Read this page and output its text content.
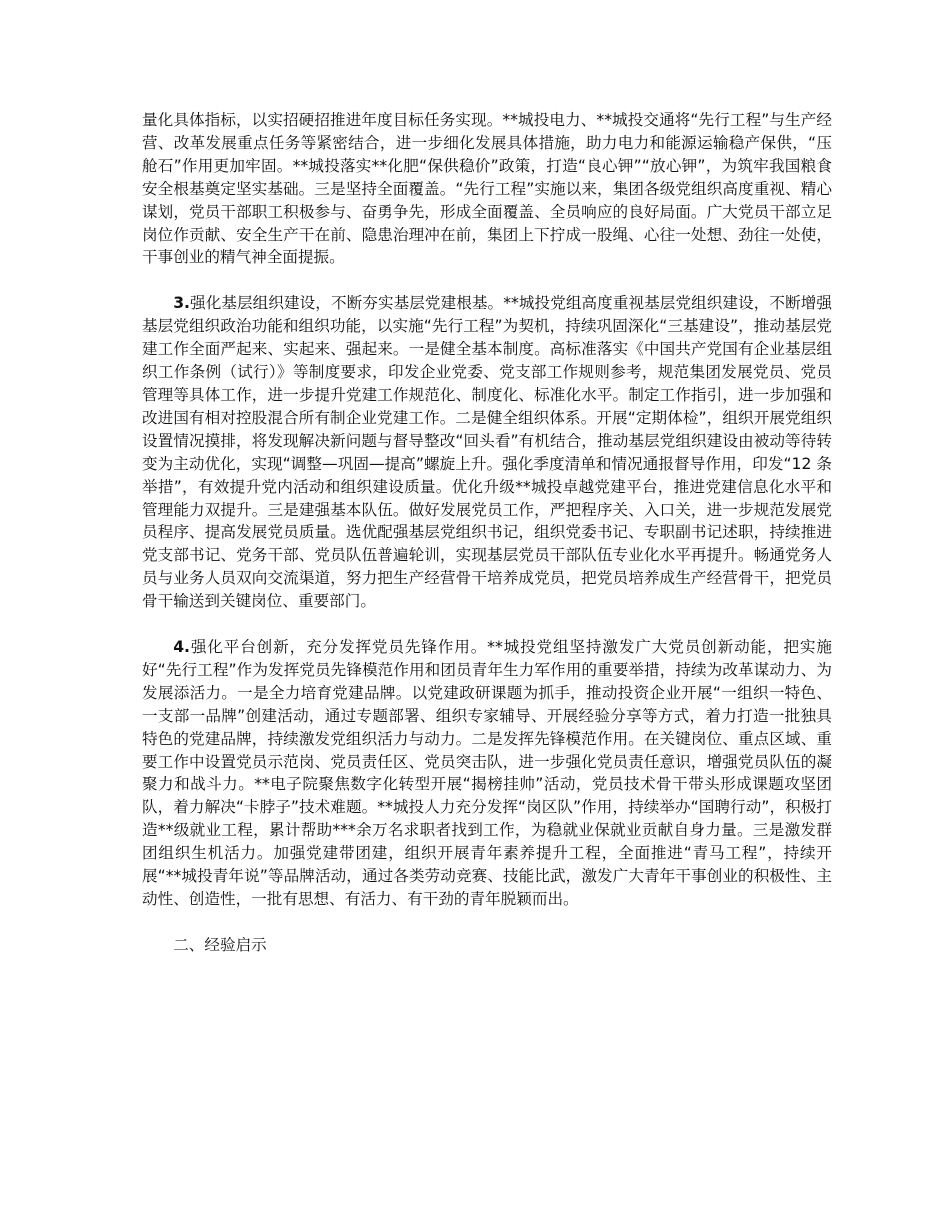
量化具体指标，以实招硬招推进年度目标任务实现。**城投电力、**城投交通将“先行工程”与生产经营、改革发展重点任务等紧密结合，进一步细化发展具体措施，助力电力和能源运输稳产保供，“压舱石”作用更加牢固。**城投落实**化肥“保供稳价”政策，打造“良心钾”“放心钾”，为筑牢我国粮食安全根基奠定坚实基础。三是坚持全面覆盖。“先行工程”实施以来，集团各级党组织高度重视、精心谋划，党员干部职工积极参与、奋勇争先，形成全面覆盖、全员响应的良好局面。广大党员干部立足岗位作贡献、安全生产干在前、隐患治理冲在前，集团上下拧成一股绳、心往一处想、劲往一处使，干事创业的精气神全面提振。

3.强化基层组织建设，不断夯实基层党建根基。**城投党组高度重视基层党组织建设，不断增强基层党组织政治功能和组织功能，以实施“先行工程”为契机，持续巩固深化“三基建设”，推动基层党建工作全面严起来、实起来、强起来。一是健全基本制度。高标准落实《中国共产党国有企业基层组织工作条例（试行）》等制度要求，印发企业党委、党支部工作规则参考，规范集团发展党员、党员管理等具体工作，进一步提升党建工作规范化、制度化、标准化水平。制定工作指引，进一步加强和改进国有相对控股混合所有制企业党建工作。二是健全组织体系。开展“定期体检”，组织开展党组织设置情况摸排，将发现解决新问题与督导整改“回头看”有机结合，推动基层党组织建设由被动等待转变为主动优化，实现“调整—巩固—提高”螺旋上升。强化季度清单和情况通报督导作用，印发“12 条举措”，有效提升党内活动和组织建设质量。优化升级**城投卓越党建平台，推进党建信息化水平和管理能力双提升。三是建强基本队伍。做好发展党员工作，严把程序关、入口关，进一步规范发展党员程序、提高发展党员质量。选优配强基层党组织书记，组织党委书记、专职副书记述职，持续推进党支部书记、党务干部、党员队伍普遍轮训，实现基层党员干部队伍专业化水平再提升。畅通党务人员与业务人员双向交流渠道，努力把生产经营骨干培养成党员，把党员培养成生产经营骨干，把党员骨干输送到关键岗位、重要部门。

4.强化平台创新，充分发挥党员先锋作用。**城投党组坚持激发广大党员创新动能，把实施好“先行工程”作为发挥党员先锋模范作用和团员青年生力军作用的重要举措，持续为改革谋动力、为发展添活力。一是全力培育党建品牌。以党建政研课题为抓手，推动投资企业开展“一组织一特色、一支部一品牌”创建活动，通过专题部署、组织专家辅导、开展经验分享等方式，着力打造一批独具特色的党建品牌，持续激发党组织活力与动力。二是发挥先锋模范作用。在关键岗位、重点区域、重要工作中设置党员示范岗、党员责任区、党员突击队，进一步强化党员责任意识，增强党员队伍的凝聚力和战斗力。**电子院聚焦数字化转型开展“揭榜挂帅”活动，党员技术骨干带头形成课题攻坚团队，着力解决“卡脖子”技术难题。**城投人力充分发挥“岗区队”作用，持续举办“国聘行动”，积极打造**级就业工程，累计帮助***余万名求职者找到工作，为稳就业保就业贡献自身力量。三是激发群团组织生机活力。加强党建带团建，组织开展青年素养提升工程，全面推进“青马工程”，持续开展“**城投青年说”等品牌活动，通过各类劳动竞赛、技能比武，激发广大青年干事创业的积极性、主动性、创造性，一批有思想、有活力、有干劲的青年脱颖而出。

二、经验启示
